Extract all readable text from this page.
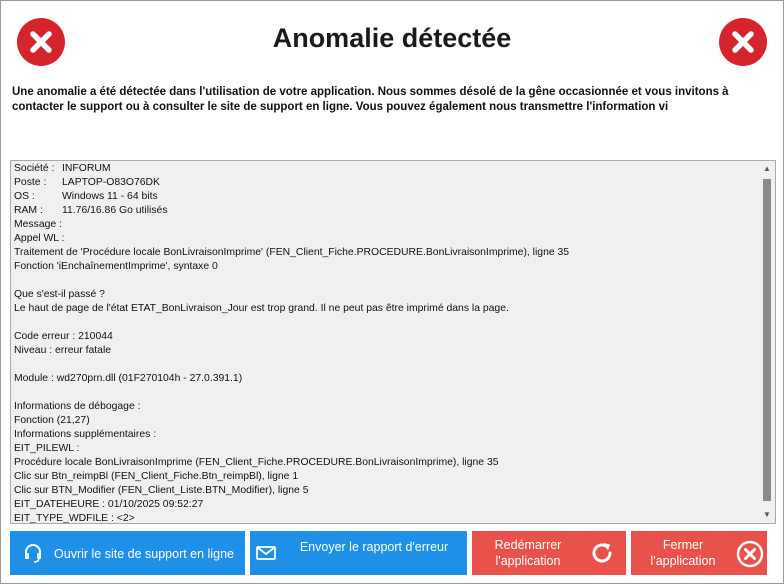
Anomalie détectée
Une anomalie a été détectée dans l'utilisation de votre application. Nous sommes désolé de la gêne occasionnée et vous invitons à
contacter le support ou à consulter le site de support en ligne. Vous pouvez également nous transmettre l'information vi
Société : INFORUM
Poste : LAPTOP-O83O76DK
OS :	Windows 11 - 64 bits
RAM : 11.76/16.86 Go utilisés
Message :
Appel WL :
Traitement de 'Procédure locale BonLivraisonImprime' (FEN_Client_Fiche.PROCEDURE.BonLivraisonImprime), ligne 35
Fonction 'iEnchaînementImprime', syntaxe 0
Que s'est-il passé ?
Le haut de page de l'état ETAT_BonLivraison_Jour est trop grand. Il ne peut pas être imprimé dans la page.
Code erreur : 210044
Niveau : erreur fatale
Module : wd270prn.dll (01F270104h - 27.0.391.1)
Informations de débogage :
Fonction (21,27)
Informations supplémentaires :
EIT_PILEWL :
Procédure locale BonLivraisonImprime (FEN_Client_Fiche.PROCEDURE.BonLivraisonImprime), ligne 35
Clic sur Btn_reimpBl (FEN_Client_Fiche.Btn_reimpBl), ligne 1
Clic sur BTN_Modifier (FEN_Client_Liste.BTN_Modifier), ligne 5
EIT_DATEHEURE : 01/10/2025 09:52:27
EIT_TYPE_WDFILE : <2>
▲
▼
Ouvrir le site de support en ligne	Envoyer le rapport d'erreur	Redémarrer
l'application
Fermer
l'application
